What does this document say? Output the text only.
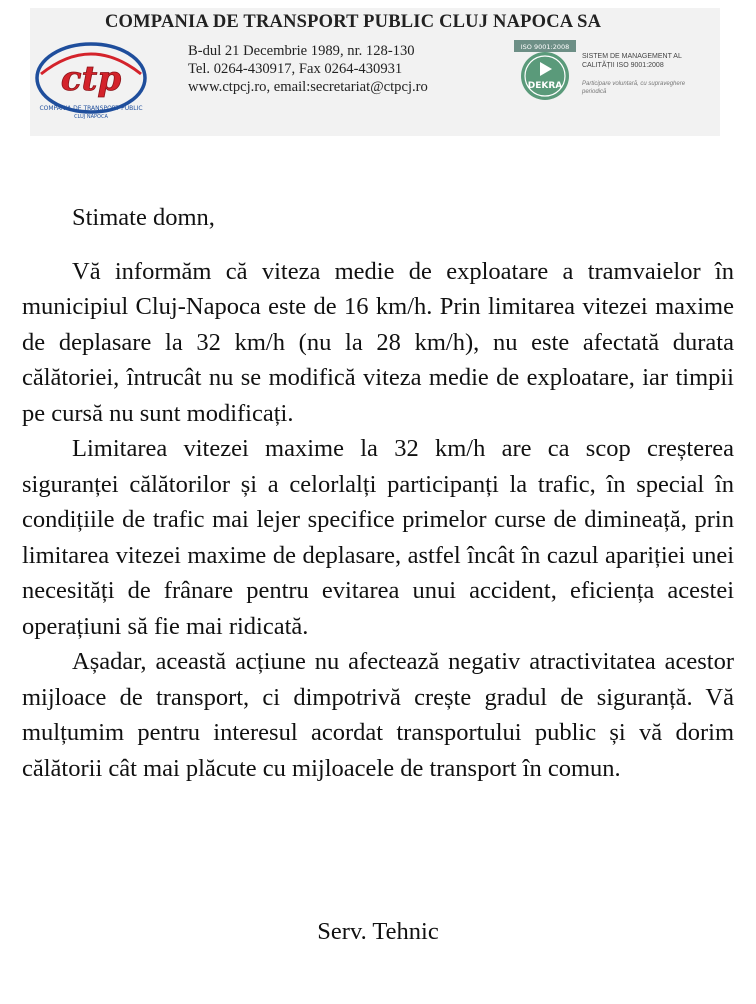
COMPANIA DE TRANSPORT PUBLIC CLUJ NAPOCA SA
ctp
COMPANIA DE TRANSPORT PUBLIC
CLUJ NAPOCA
B-dul 21 Decembrie 1989, nr. 128-130
Tel. 0264-430917, Fax 0264-430931
www.ctpcj.ro, email:secretariat@ctpcj.ro
ISO 9001:2008
DEKRA
SISTEM DE MANAGEMENT AL CALITĂȚII ISO 9001:2008
Participare voluntară, cu supraveghere periodică

Stimate domn,

Vă informăm că viteza medie de exploatare a tramvaielor în municipiul Cluj-Napoca este de 16 km/h. Prin limitarea vitezei maxime de deplasare la 32 km/h (nu la 28 km/h), nu este afectată durata călătoriei, întrucât nu se modifică viteza medie de exploatare, iar timpii pe cursă nu sunt modificați.

Limitarea vitezei maxime la 32 km/h are ca scop creșterea siguranței călătorilor și a celorlalți participanți la trafic, în special în condițiile de trafic mai lejer specifice primelor curse de dimineață, prin limitarea vitezei maxime de deplasare, astfel încât în cazul apariției unei necesități de frânare pentru evitarea unui accident, eficiența acestei operațiuni să fie mai ridicată.

Așadar, această acțiune nu afectează negativ atractivitatea acestor mijloace de transport, ci dimpotrivă crește gradul de siguranță. Vă mulțumim pentru interesul acordat transportului public și vă dorim călătorii cât mai plăcute cu mijloacele de transport în comun.

Serv. Tehnic
